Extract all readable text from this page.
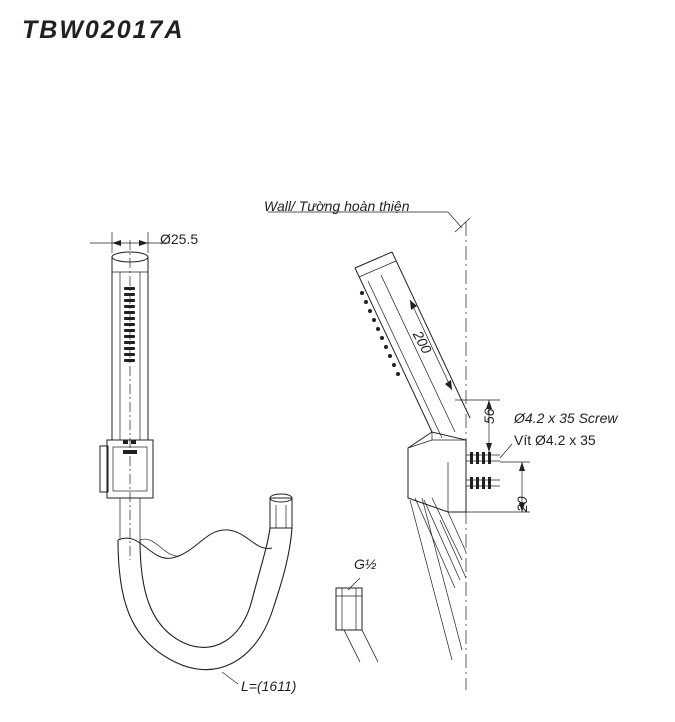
TBW02017A
Ø25.5
Wall/ Tường hoàn thiện
200
56
20
Ø4.2 x 35 Screw
Vít Ø4.2 x 35
G½
L=(1611)
